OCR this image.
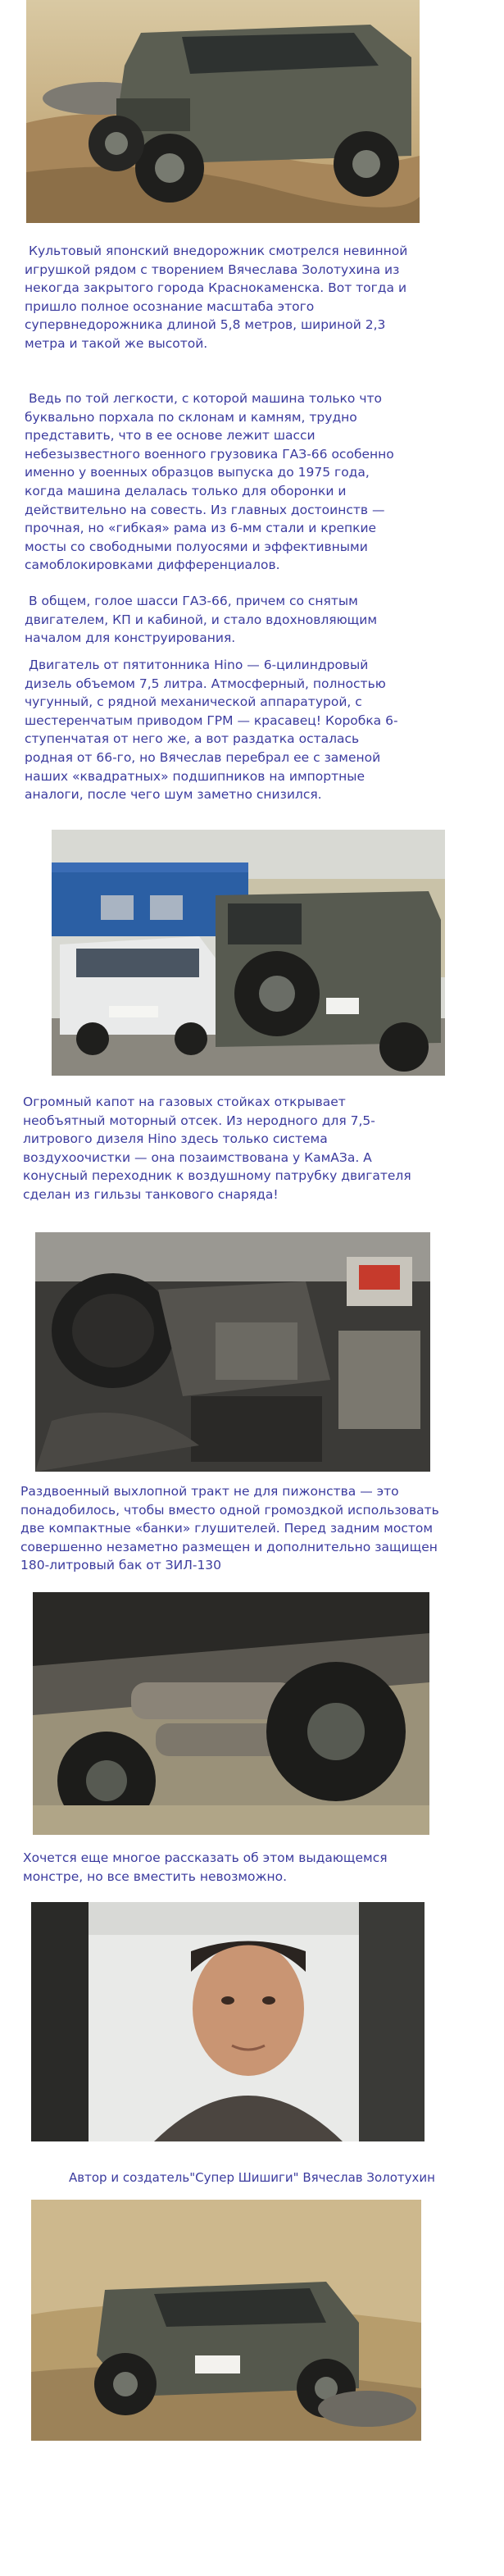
Культовый японский внедорожник смотрелся невинной игрушкой рядом с творением Вячеслава Золотухина из некогда закрытого города Краснокаменска. Вот тогда и пришло полное осознание масштаба этого супервнедорожника длиной 5,8 метров, шириной 2,3 метра и такой же высотой.
Ведь по той легкости, с которой машина только что буквально порхала по склонам и камням, трудно представить, что в ее основе лежит шасси небезызвестного военного грузовика ГАЗ-66 особенно именно у военных образцов выпуска до 1975 года, когда машина делалась только для оборонки и действительно на совесть. Из главных достоинств — прочная, но «гибкая» рама из 6-мм стали и крепкие мосты со свободными полуосями и эффективными самоблокировками дифференциалов.
В общем, голое шасси ГАЗ-66, причем со снятым двигателем, КП и кабиной, и стало вдохновляющим началом для конструирования.
Двигатель от пятитонника Hino — 6-цилиндровый дизель объемом 7,5 литра. Атмосферный, полностью чугунный, с рядной механической аппаратурой, с шестеренчатым приводом ГРМ — красавец! Коробка 6-ступенчатая от него же, а вот раздатка осталась родная от 66-го, но Вячеслав перебрал ее с заменой наших «квадратных» подшипников на импортные аналоги, после чего шум заметно снизился.
Огромный капот на газовых стойках открывает необъятный моторный отсек. Из неродного для 7,5-литрового дизеля Hino здесь только система воздухоочистки — она позаимствована у КамАЗа. А конусный переходник к воздушному патрубку двигателя сделан из гильзы танкового снаряда!
Раздвоенный выхлопной тракт не для пижонства — это понадобилось, чтобы вместо одной громоздкой использовать две компактные «банки» глушителей. Перед задним мостом совершенно незаметно размещен и дополнительно защищен 180-литровый бак от ЗИЛ-130
Хочется еще многое рассказать об этом выдающемся монстре, но все вместить невозможно.
Автор и создатель"Супер Шишиги" Вячеслав Золотухин
